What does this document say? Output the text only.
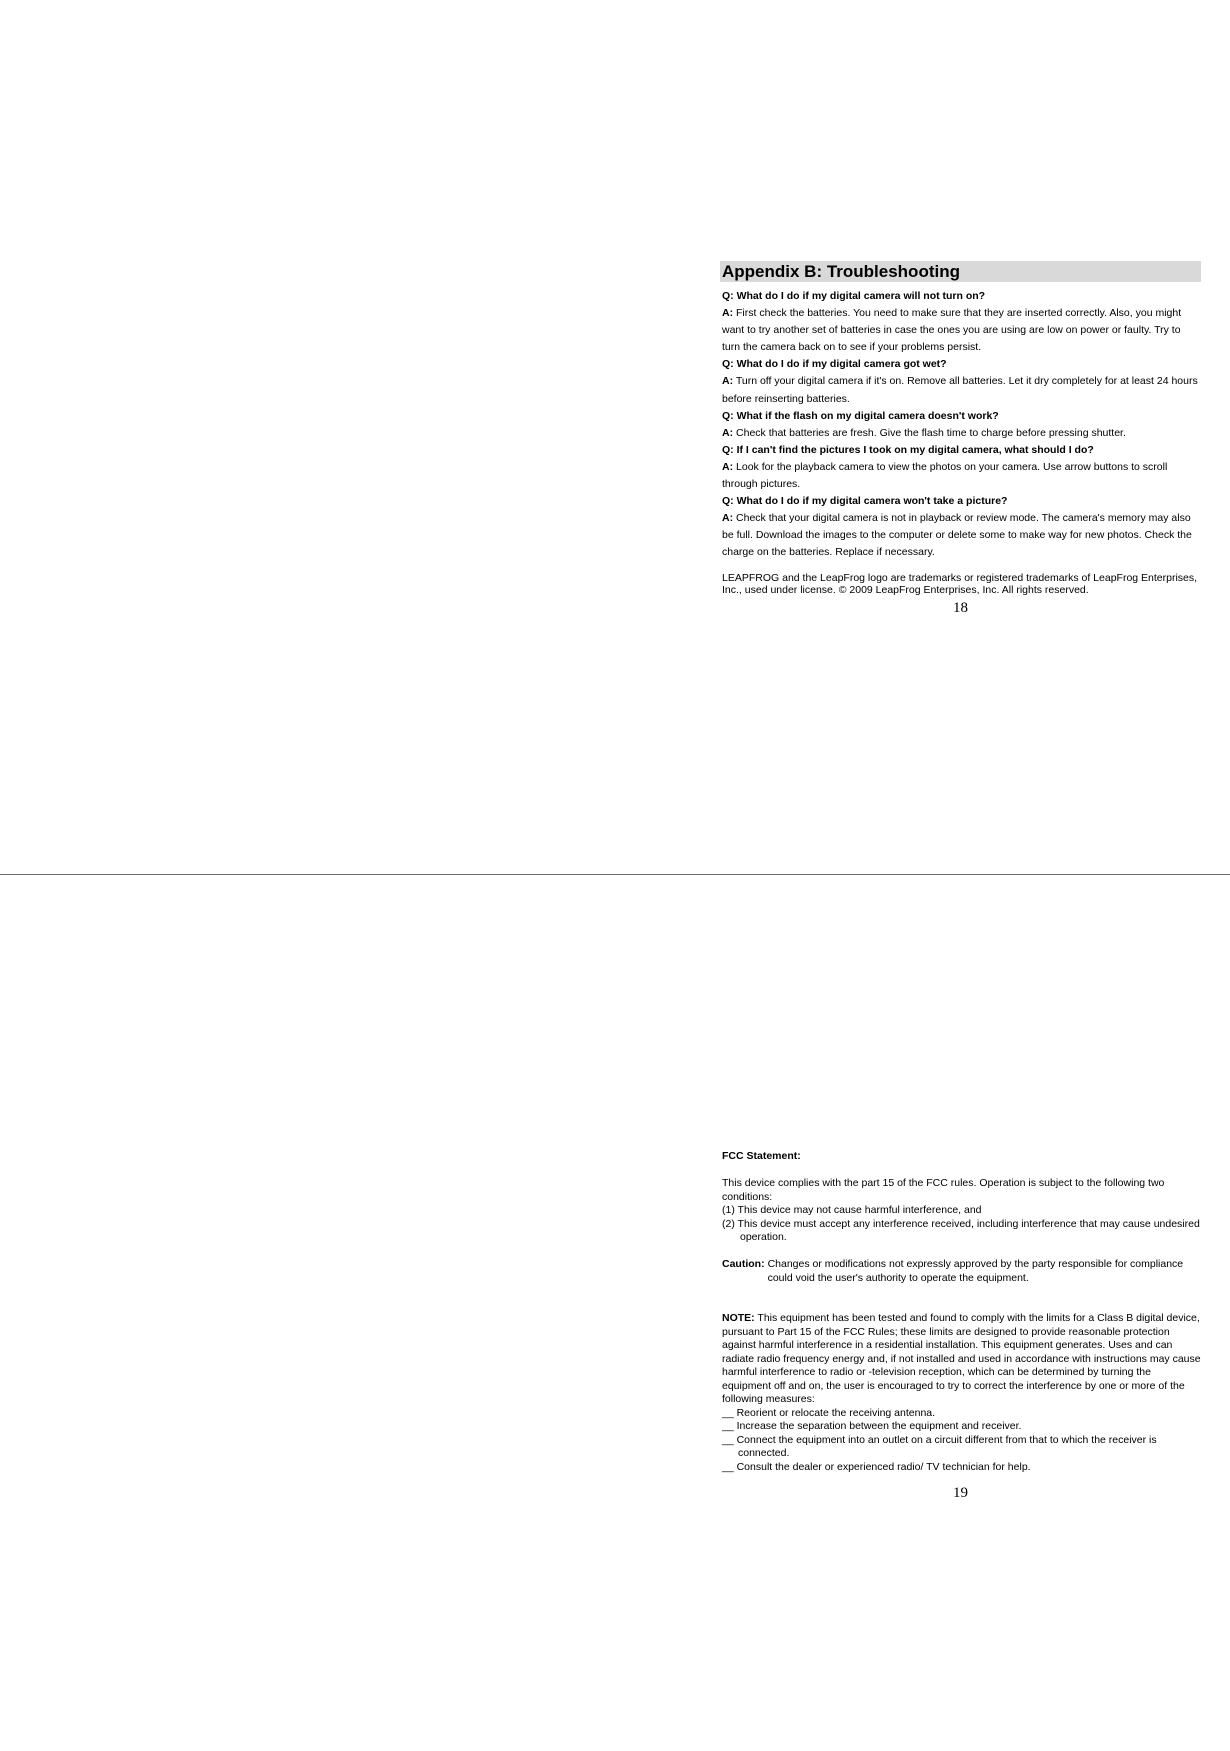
Appendix B: Troubleshooting

Q: What do I do if my digital camera will not turn on?

A: First check the batteries. You need to make sure that they are inserted correctly. Also, you might want to try another set of batteries in case the ones you are using are low on power or faulty. Try to turn the camera back on to see if your problems persist.

Q: What do I do if my digital camera got wet?

A: Turn off your digital camera if it's on. Remove all batteries. Let it dry completely for at least 24 hours before reinserting batteries.

Q: What if the flash on my digital camera doesn't work?

A: Check that batteries are fresh. Give the flash time to charge before pressing shutter.

Q: If I can't find the pictures I took on my digital camera, what should I do?

A: Look for the playback camera to view the photos on your camera. Use arrow buttons to scroll through pictures.

Q: What do I do if my digital camera won't take a picture?

A: Check that your digital camera is not in playback or review mode. The camera's memory may also be full. Download the images to the computer or delete some to make way for new photos. Check the charge on the batteries. Replace if necessary.

LEAPFROG and the LeapFrog logo are trademarks or registered trademarks of LeapFrog Enterprises, Inc., used under license. © 2009 LeapFrog Enterprises, Inc. All rights reserved.
18

FCC Statement:

This device complies with the part 15 of the FCC rules. Operation is subject to the following two conditions:

(1) This device may not cause harmful interference, and

(2) This device must accept any interference received, including interference that may cause undesired operation.

Caution: Changes or modifications not expressly approved by the party responsible for compliance could void the user's authority to operate the equipment.

NOTE: This equipment has been tested and found to comply with the limits for a Class B digital device, pursuant to Part 15 of the FCC Rules; these limits are designed to provide reasonable protection against harmful interference in a residential installation. This equipment generates. Uses and can radiate radio frequency energy and, if not installed and used in accordance with instructions may cause harmful interference to radio or -television reception, which can be determined by turning the equipment off and on, the user is encouraged to try to correct the interference by one or more of the following measures:

__ Reorient or relocate the receiving antenna.

__ Increase the separation between the equipment and receiver.

__ Connect the equipment into an outlet on a circuit different from that to which the receiver is connected.

__ Consult the dealer or experienced radio/ TV technician for help.

19
